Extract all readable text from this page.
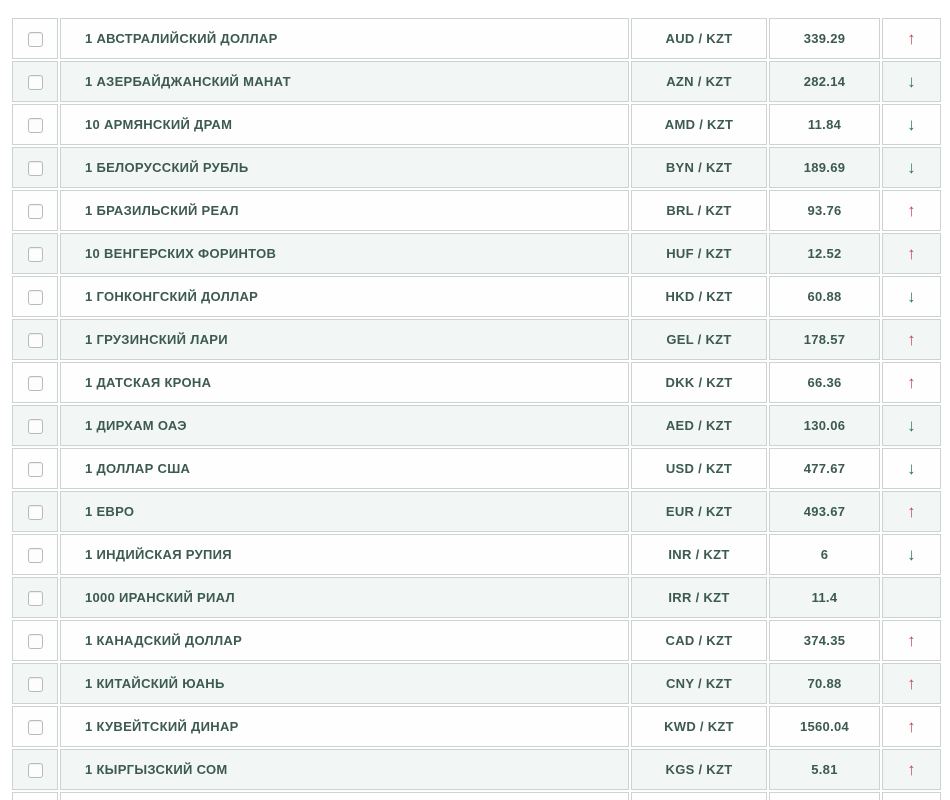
	1 АВСТРАЛИЙСКИЙ ДОЛЛАР	AUD / KZT	339.29	↑
	1 АЗЕРБАЙДЖАНСКИЙ МАНАТ	AZN / KZT	282.14	↓
	10 АРМЯНСКИЙ ДРАМ	AMD / KZT	11.84	↓
	1 БЕЛОРУССКИЙ РУБЛЬ	BYN / KZT	189.69	↓
	1 БРАЗИЛЬСКИЙ РЕАЛ	BRL / KZT	93.76	↑
	10 ВЕНГЕРСКИХ ФОРИНТОВ	HUF / KZT	12.52	↑
	1 ГОНКОНГСКИЙ ДОЛЛАР	HKD / KZT	60.88	↓
	1 ГРУЗИНСКИЙ ЛАРИ	GEL / KZT	178.57	↑
	1 ДАТСКАЯ КРОНА	DKK / KZT	66.36	↑
	1 ДИРХАМ ОАЭ	AED / KZT	130.06	↓
	1 ДОЛЛАР США	USD / KZT	477.67	↓
	1 ЕВРО	EUR / KZT	493.67	↑
	1 ИНДИЙСКАЯ РУПИЯ	INR / KZT	6	↓
	1000 ИРАНСКИЙ РИАЛ	IRR / KZT	11.4	
	1 КАНАДСКИЙ ДОЛЛАР	CAD / KZT	374.35	↑
	1 КИТАЙСКИЙ ЮАНЬ	CNY / KZT	70.88	↑
	1 КУВЕЙТСКИЙ ДИНАР	KWD / KZT	1560.04	↑
	1 КЫРГЫЗСКИЙ СОМ	KGS / KZT	5.81	↑
